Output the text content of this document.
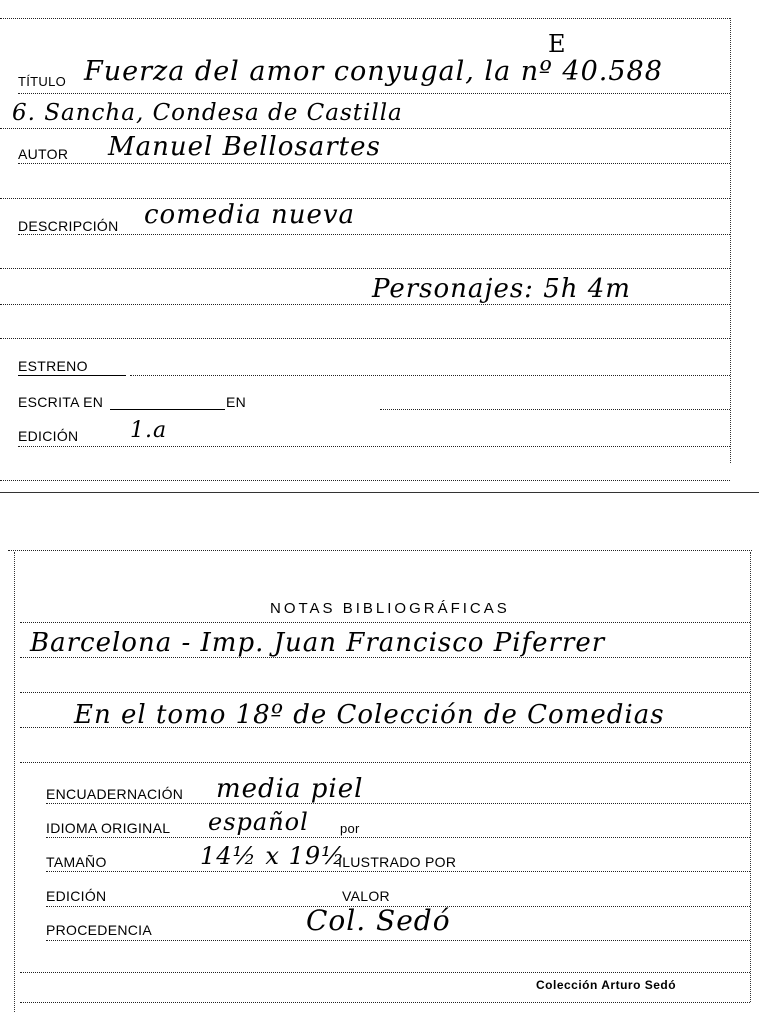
E
TÍTULO Fuerza del amor conyugal, la nº 40.588
6. Sancha, Condesa de Castilla
AUTOR Manuel Bellosartes
DESCRIPCIÓN comedia nueva
Personajes: 5h 4m
ESTRENO
ESCRITA EN	EN
EDICIÓN 1.a
NOTAS BIBLIOGRÁFICAS
Barcelona - Imp. Juan Francisco Piferrer
En el tomo 18º de Colección de Comedias
ENCUADERNACIÓN media piel
IDIOMA ORIGINAL español por
TAMAÑO	14½ x 19½
ILUSTRADO POR
EDICIÓN	VALOR
PROCEDENCIA	Col. Sedó
Colección Arturo Sedó
